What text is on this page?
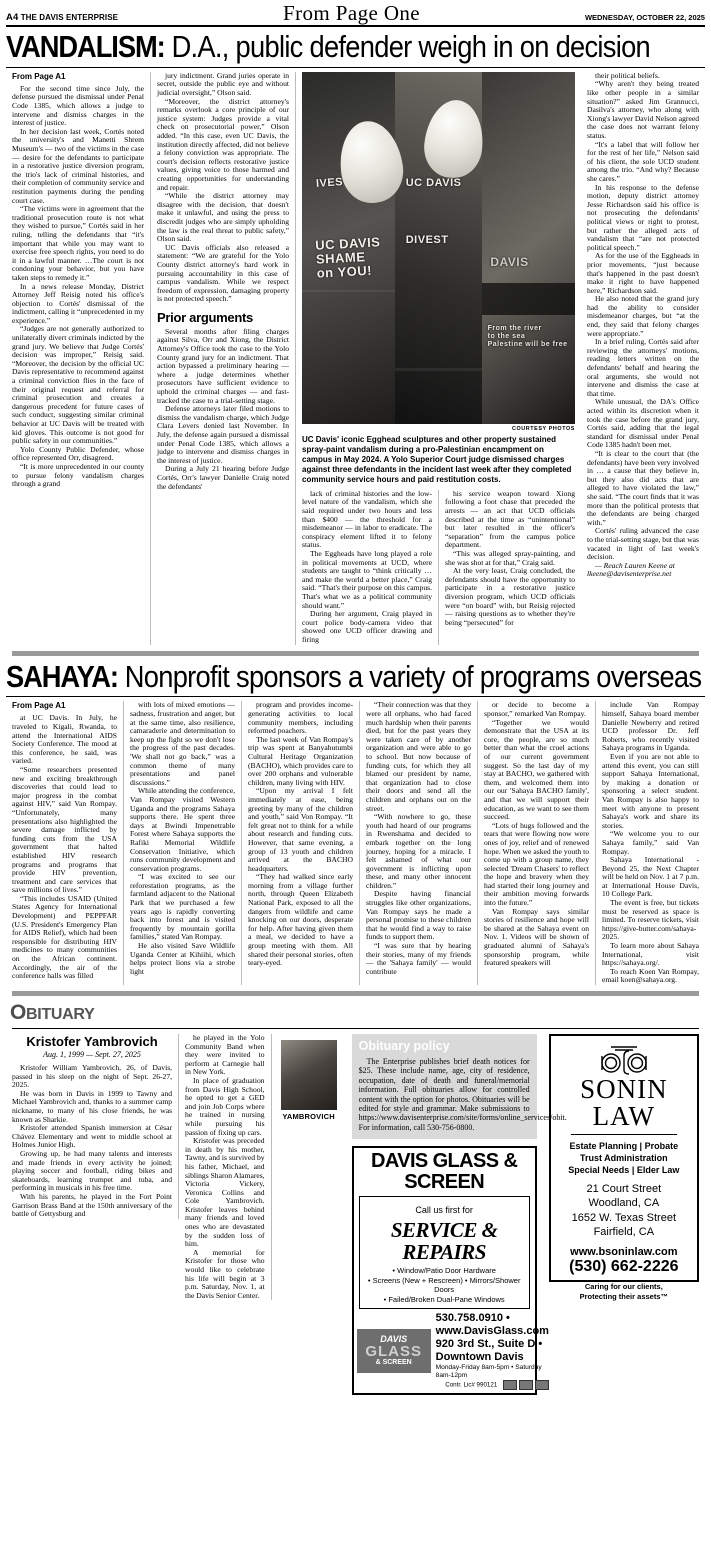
A4 THE DAVIS ENTERPRISE	From Page One	WEDNESDAY, OCTOBER 22, 2025
VANDALISM: D.A., public defender weigh in on decision
From Page A1

For the second time since July, the defense pursued the dismissal under Penal Code 1385, which allows a judge to intervene and dismiss charges in the interest of justice.

In her decision last week, Cortés noted the university's and Manetti Shrem Museum's — two of the victims in the case — desire for the defendants to participate in a restorative justice diversion program, the trio's lack of criminal histories, and their completion of community service and restitution payments during the pending court case.

“The victims were in agreement that the traditional prosecution route is not what they wished to pursue,” Cortés said in her ruling, telling the defendants that “it's important that while you may want to exercise free speech rights, you need to do it in a lawful manner. …The court is not condoning your behavior, but you have taken steps to remedy it.”

In a news release Monday, District Attorney Jeff Reisig noted his office's objection to Cortés' dismissal of the indictment, calling it “unprecedented in my experience.”

“Judges are not generally authorized to unilaterally divert criminals indicted by the grand jury. We believe that Judge Cortés' decision was improper,” Reisig said. “Moreover, the decision by the official UC Davis representative to recommend against a criminal conviction flies in the face of their original request and referral for criminal prosecution and creates a dangerous precedent for future cases of such conduct, suggesting similar criminal behavior at UC Davis will be treated with kid gloves. This outcome is not good for public safety in our communities.”

Yolo County Public Defender, whose office represented Orr, disagreed.

“It is more unprecedented in our county to pursue felony vandalism charges through a grand

jury indictment. Grand juries operate in secret, outside the public eye and without judicial oversight,” Olson said.

“Moreover, the district attorney's remarks overlook a core principle of our justice system: Judges provide a vital check on prosecutorial power,” Olson added. “In this case, even UC Davis, the institution directly affected, did not believe a felony conviction was appropriate. The court's decision reflects restorative justice values, giving voice to those harmed and creating opportunities for understanding and repair.

“While the district attorney may disagree with the decision, that doesn't make it unlawful, and using the press to discredit judges who are simply upholding the law is the real threat to public safety,” Olson said.

UC Davis officials also released a statement: “We are grateful for the Yolo County district attorney's hard work in pursuing accountability in this case of campus vandalism. While we respect freedom of expression, damaging property is not protected speech.”

Prior arguments

Several months after filing charges against Silva, Orr and Xiong, the District Attorney's Office took the case to the Yolo County grand jury for an indictment. That action bypassed a preliminary hearing — where a judge determines whether prosecutors have sufficient evidence to uphold the criminal charges — and fast-tracked the case to a trial-setting stage.

Defense attorneys later filed motions to dismiss the vandalism charge, which Judge Clara Levers denied last November. In July, the defense again pursued a dismissal under Penal Code 1385, which allows a judge to intervene and dismiss charges in the interest of justice.

During a July 21 hearing before Judge Cortés, Orr's lawyer Danielle Craig noted the defendants'

IVES
UC DAVIS
SHAME
on YOU!
UC DAVIS
DIVEST
DAVIS
From the river
to the sea
Palestine will be free
COURTESY PHOTOS
UC Davis' iconic Egghead sculptures and other property sustained spray-paint vandalism during a pro-Palestinian encampment on campus in May 2024. A Yolo Superior Court judge dismissed charges against three defendants in the incident last week after they completed community service hours and paid restitution costs.

lack of criminal histories and the low-level nature of the vandalism, which she said required under two hours and less than $400 — the threshold for a misdemeanor — in labor to eradicate. The conspiracy element lifted it to felony status.

The Eggheads have long played a role in political movements at UCD, where students are taught to “think critically … and make the world a better place,” Craig said. “That's their purpose on this campus. That's what we as a political community should want.”

During her argument, Craig played in court police body-camera video that showed one UCD officer drawing and firing

his service weapon toward Xiong following a foot chase that preceded the arrests — an act that UCD officials described at the time as “unintentional” but later resulted in the officer's “separation” from the campus police department.

“This was alleged spray-painting, and she was shot at for that,” Craig said.

At the very least, Craig concluded, the defendants should have the opportunity to participate in a restorative justice diversion program, which UCD officials were “on board” with, but Reisig rejected — raising questions as to whether they're being “persecuted” for

their political beliefs.

“Why aren't they being treated like other people in a similar situation?” asked Jim Grannucci, Dasilva's attorney, who along with Xiong's lawyer David Nelson agreed the case does not warrant felony status.

“It's a label that will follow her for the rest of her life,” Nelson said of his client, the sole UCD student among the trio. “And why? Because she cares.”

In his response to the defense motion, deputy district attorney Jesse Richardson said his office is not prosecuting the defendants' political views or right to protest, but rather the alleged acts of vandalism that “are not protected political speech.”

As for the use of the Eggheads in prior movements, “just because that's happened in the past doesn't make it right to have happened here,” Richardson said.

He also noted that the grand jury had the ability to consider misdemeanor charges, but “at the end, they said that felony charges were appropriate.”

In a brief ruling, Cortés said after reviewing the attorneys' motions, reading letters written on the defendants' behalf and hearing the oral arguments, she would not intervene and dismiss the case at that time.

While unusual, the DA's Office acted within its discretion when it took the case before the grand jury, Cortés said, adding that the legal standard for dismissal under Penal Code 1385 hadn't been met.

“It is clear to the court that (the defendants) have been very involved in … a cause that they believe in, but they also did acts that are alleged to have violated the law,” she said. “The court finds that it was more than the political protests that the defendants are being charged with.”

Cortés' ruling advanced the case to the trial-setting stage, but that was vacated in light of last week's decision.

— Reach Lauren Keene at

lkeene@davisenterprise.net

SAHAYA: Nonprofit sponsors a variety of programs overseas
From Page A1

at UC Davis. In July, he traveled to Kigali, Rwanda, to attend the International AIDS Society Conference. The mood at this conference, he said, was varied.

“Some researchers presented new and exciting breakthrough discoveries that could lead to major progress in the combat against HIV,” said Van Rompay. “Unfortunately, many presentations also highlighted the severe damage inflicted by funding cuts from the USA government that halted established HIV research programs and programs that provide HIV prevention, treatment and care services that save millions of lives.”

“This includes USAID (United States Agency for International Development) and PEPPFAR (U.S. President's Emergency Plan for AIDS Relief), which had been responsible for distributing HIV medicines to many communities on the African continent. Accordingly, the air of the conference halls was filled

with lots of mixed emotions — sadness, frustration and anger, but at the same time, also resilience, camaraderie and determination to keep up the fight so we don't lose the progress of the past decades. 'We shall not go back,” was a common theme of many presentations and panel discussions.”

While attending the conference, Van Rompay visited Western Uganda and the programs Sahaya supports there. He spent three days at Bwindi Impenetrable Forest where Sahaya supports the Rafiki Memorial Wildlife Conservation Initiative, which runs community development and conservation programs.

“I was excited to see our reforestation programs, as the farmland adjacent to the National Park that we purchased a few years ago is rapidly converting back into forest and is visited frequently by mountain gorilla families,” stated Van Rompay.

He also visited Save Wildlife Uganda Center at Kihiihi, which helps protect lions via a strobe light

program and provides income-generating activities to local community members, including reformed poachers.

The last week of Van Rompay's trip was spent at Banyahutumbi Cultural Heritage Organization (BACHO), which provides care to over 200 orphans and vulnerable children, many living with HIV.

“Upon my arrival I felt immediately at ease, being greeting by many of the children and youth,” said Von Rompay. “It felt great not to think for a while about research and funding cuts. However, that same evening, a group of 13 youth and children arrived at the BACHO headquarters.

“They had walked since early morning from a village further north, through Queen Elizabeth National Park, exposed to all the dangers from wildlife and came knocking on our doors, desperate for help. After having given them a meal, we decided to have a group meeting with them. All shared their personal stories, often teary-eyed.

“Their connection was that they were all orphans, who had faced much hardship when their parents died, but for the past years they were taken care of by another organization and were able to go to school. But now because of funding cuts, for which they all blamed our president by name, that organization had to close their doors and send all the children and orphans out on the street.

“With nowhere to go, these youth had heard of our programs in Rwenshama and decided to embark together on the long journey, hoping for a miracle. I felt ashamed of what our government is inflicting upon these, and many other innocent children.”

Despite having financial struggles like other organizations, Van Rompay says he made a personal promise to these children that he would find a way to raise funds to support them.

“I was sure that by hearing their stories, many of my friends — the 'Sahaya family' — would contribute

or decide to become a sponsor,” remarked Van Rompay.

“Together we would demonstrate that the USA at its core, the people, are so much better than what the cruel actions of our current government suggest. So the last day of my stay at BACHO, we gathered with them, and welcomed them into our our 'Sahaya BACHO family', and that we will support their education, as we want to see them succeed.

“Lots of hugs followed and the tears that were flowing now were ones of joy, relief and of renewed hope. When we asked the youth to come up with a group name, they selected 'Dream Chasers' to reflect the hope and bravery when they had started their long journey and their ambition moving forwards into the future.”

Van Rompay says similar stories of resilience and hope will be shared at the Sahaya event on Nov. 1. Videos will be shown of graduated alumni of Sahaya's sponsorship program, while featured speakers will

include Van Rompay himself, Sahaya board member Danielle Newberry and retired UCD professor Dr. Jeff Roberts, who recently visited Sahaya programs in Uganda.

Even if you are not able to attend this event, you can still support Sahaya International, by making a donation or sponsoring a select student. Van Rompay is also happy to meet with anyone to present Sahaya's work and share its stories.

“We welcome you to our Sahaya family,” said Van Rompay.

Sahaya International - Beyond 25, the Next Chapter will be held on Nov. 1 at 7 p.m. at International House Davis, 10 College Park.

The event is free, but tickets must be reserved as space is limited. To reserve tickets, visit https://give-butter.com/sahaya-2025.

To learn more about Sahaya International, visit https://sahaya.org/.

To reach Koen Van Rompay, email koen@sahaya.org.

OBITUARY
Kristofer Yambrovich
Aug. 1, 1999 — Sept. 27, 2025

Kristofer William Yambrovich, 26, of Davis, passed in his sleep on the night of Sept. 26-27, 2025.

He was born in Davis in 1999 to Tawny and Michael Yambrovich and, thanks to a summer camp nickname, to many of his close friends, he was known as Sharkie.

Kristofer attended Spanish immersion at César Chávez Elementary and went to middle school at Holmes Junior High.

Growing up, he had many talents and interests and made friends in every activity he joined; playing soccer and football, riding bikes and skateboards, learning trumpet and tuba, and performing in musicals in his free time.

With his parents, he played in the Fort Point Garrison Brass Band at the 150th anniversary of the battle of Gettysburg and

he played in the Yolo Community Band when they were invited to perform at Carnegie hall in New York.

In place of graduation from Davis High School, he opted to get a GED and join Job Corps where he trained in nursing while pursuing his passion of fixing up cars.

Kristofer was preceded in death by his mother, Tawny, and is survived by his father, Michael, and siblings Sharon Alamares, Victoria Vickery, Veronica Collins and Cole Yambrovich. Kristofer leaves behind many friends and loved ones who are devastated by the sudden loss of him.

A memorial for Kristofer for those who would like to celebrate his life will begin at 3 p.m. Saturday, Nov. 1, at the Davis Senior Center.

YAMBROVICH
Obituary policy

The Enterprise publishes brief death notices for $25. These include name, age, city of residence, occupation, date of death and funeral/memorial information. Full obituaries allow for controlled content with the option for photos. Obituaries will be edited for style and grammar. Make submissions to https://www.davisenterprise.com/site/forms/online_services/obit. For information, call 530-756-0800.

DAVIS GLASS & SCREEN
Call us first for
SERVICE & REPAIRS
• Window/Patio Door Hardware
• Screens (New + Rescreen) • Mirrors/Shower Doors
• Failed/Broken Dual-Pane Windows
DAVIS
GLASS
& SCREEN
530.758.0910 • www.DavisGlass.com
920 3rd St., Suite D • Downtown Davis
Monday-Friday 8am-5pm • Saturday 8am-12pm
Contr. Lic# 990121
SONIN
LAW
Estate Planning | Probate
Trust Administration
Special Needs | Elder Law
21 Court Street
Woodland, CA
1652 W. Texas Street
Fairfield, CA
www.bsoninlaw.com
(530) 662-2226
Caring for our clients,
Protecting their assets™
